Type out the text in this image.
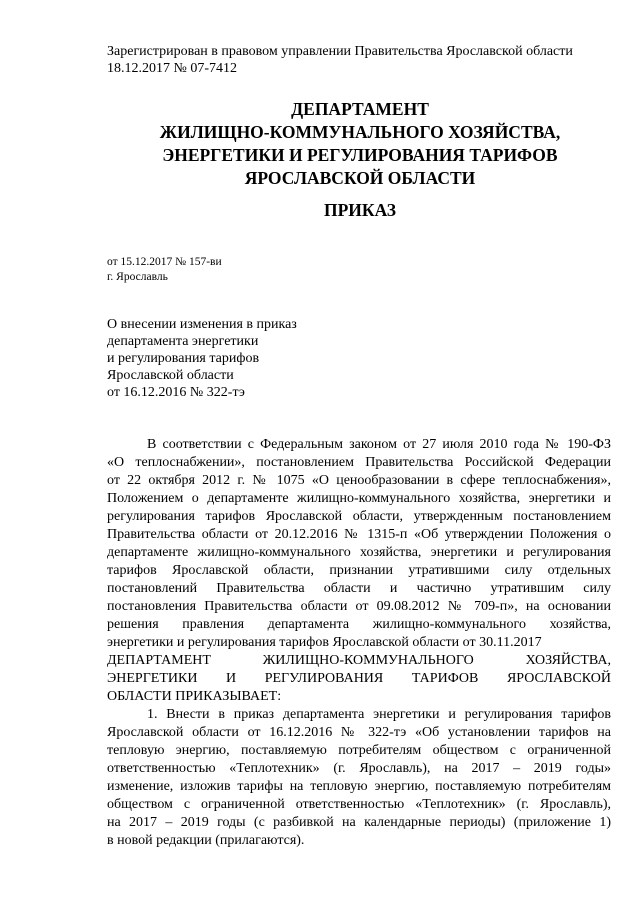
Зарегистрирован в правовом управлении Правительства Ярославской области
18.12.2017 № 07-7412
ДЕПАРТАМЕНТ
ЖИЛИЩНО-КОММУНАЛЬНОГО ХОЗЯЙСТВА,
ЭНЕРГЕТИКИ И РЕГУЛИРОВАНИЯ ТАРИФОВ
ЯРОСЛАВСКОЙ ОБЛАСТИ
ПРИКАЗ
от 15.12.2017 № 157-ви
г. Ярославль
О внесении изменения в приказ
департамента энергетики
и регулирования тарифов
Ярославской области
от 16.12.2016 № 322-тэ
В соответствии с Федеральным законом от 27 июля 2010 года № 190-ФЗ
«О теплоснабжении», постановлением Правительства Российской Федерации
от 22 октября 2012 г. № 1075 «О ценообразовании в сфере теплоснабжения»,
Положением о департаменте жилищно-коммунального хозяйства, энергетики и
регулирования тарифов Ярославской области, утвержденным постановлением
Правительства области от 20.12.2016 № 1315-п «Об утверждении Положения о
департаменте жилищно-коммунального хозяйства, энергетики и регулирования
тарифов Ярославской области, признании утратившими силу отдельных
постановлений Правительства области и частично утратившим силу
постановления Правительства области от 09.08.2012 № 709-п», на основании
решения правления департамента жилищно-коммунального хозяйства,
энергетики и регулирования тарифов Ярославской области от 30.11.2017
ДЕПАРТАМЕНТ ЖИЛИЩНО-КОММУНАЛЬНОГО ХОЗЯЙСТВА,
ЭНЕРГЕТИКИ И РЕГУЛИРОВАНИЯ ТАРИФОВ ЯРОСЛАВСКОЙ
ОБЛАСТИ ПРИКАЗЫВАЕТ:
1. Внести в приказ департамента энергетики и регулирования тарифов
Ярославской области от 16.12.2016 № 322-тэ «Об установлении тарифов на
тепловую энергию, поставляемую потребителям обществом с ограниченной
ответственностью «Теплотехник» (г. Ярославль), на 2017 – 2019 годы»
изменение, изложив тарифы на тепловую энергию, поставляемую потребителям
обществом с ограниченной ответственностью «Теплотехник» (г. Ярославль),
на 2017 – 2019 годы (с разбивкой на календарные периоды) (приложение 1)
в новой редакции (прилагаются).
